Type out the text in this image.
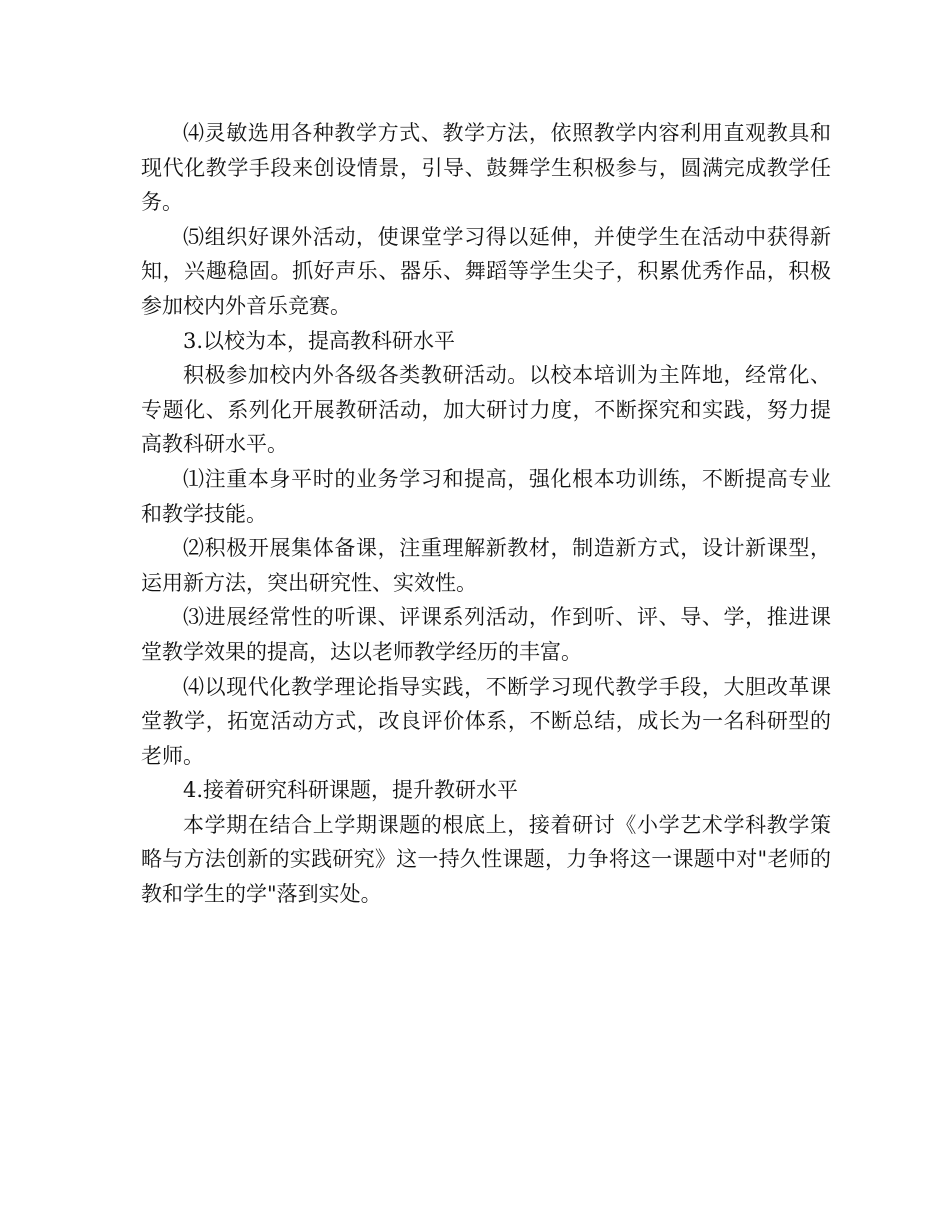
⑷灵敏选用各种教学方式、教学方法，依照教学内容利用直观教具和现代化教学手段来创设情景，引导、鼓舞学生积极参与，圆满完成教学任务。

⑸组织好课外活动，使课堂学习得以延伸，并使学生在活动中获得新知，兴趣稳固。抓好声乐、器乐、舞蹈等学生尖子，积累优秀作品，积极参加校内外音乐竞赛。

3.以校为本，提高教科研水平

积极参加校内外各级各类教研活动。以校本培训为主阵地，经常化、专题化、系列化开展教研活动，加大研讨力度，不断探究和实践，努力提高教科研水平。

⑴注重本身平时的业务学习和提高，强化根本功训练，不断提高专业和教学技能。

⑵积极开展集体备课，注重理解新教材，制造新方式，设计新课型，运用新方法，突出研究性、实效性。

⑶进展经常性的听课、评课系列活动，作到听、评、导、学，推进课堂教学效果的提高，达以老师教学经历的丰富。

⑷以现代化教学理论指导实践，不断学习现代教学手段，大胆改革课堂教学，拓宽活动方式，改良评价体系，不断总结，成长为一名科研型的老师。

4.接着研究科研课题，提升教研水平

本学期在结合上学期课题的根底上，接着研讨《小学艺术学科教学策略与方法创新的实践研究》这一持久性课题，力争将这一课题中对"老师的教和学生的学"落到实处。
